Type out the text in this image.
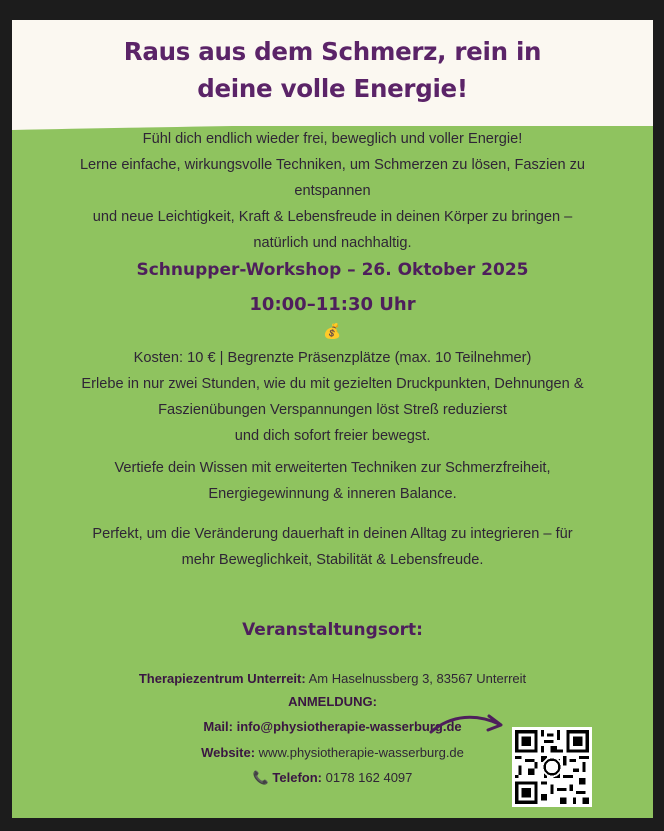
Raus aus dem Schmerz, rein in
deine volle Energie!
Fühl dich endlich wieder frei, beweglich und voller Energie!
Lerne einfache, wirkungsvolle Techniken, um Schmerzen zu lösen, Faszien zu
entspannen
und neue Leichtigkeit, Kraft & Lebensfreude in deinen Körper zu bringen –
natürlich und nachhaltig.
Schnupper-Workshop – 26. Oktober 2025
10:00–11:30 Uhr
💰
Kosten: 10 € | Begrenzte Präsenzplätze (max. 10 Teilnehmer)
Erlebe in nur zwei Stunden, wie du mit gezielten Druckpunkten, Dehnungen &
Faszienübungen Verspannungen löst Streß reduzierst
und dich sofort freier bewegst.
Vertiefe dein Wissen mit erweiterten Techniken zur Schmerzfreiheit,
Energiegewinnung & inneren Balance.
Perfekt, um die Veränderung dauerhaft in deinen Alltag zu integrieren – für
mehr Beweglichkeit, Stabilität & Lebensfreude.
Veranstaltungsort:
Therapiezentrum Unterreit: Am Haselnussberg 3, 83567 Unterreit
ANMELDUNG:
Mail: info@physiotherapie-wasserburg.de
Website: www.physiotherapie-wasserburg.de
📞 Telefon: 0178 162 4097
